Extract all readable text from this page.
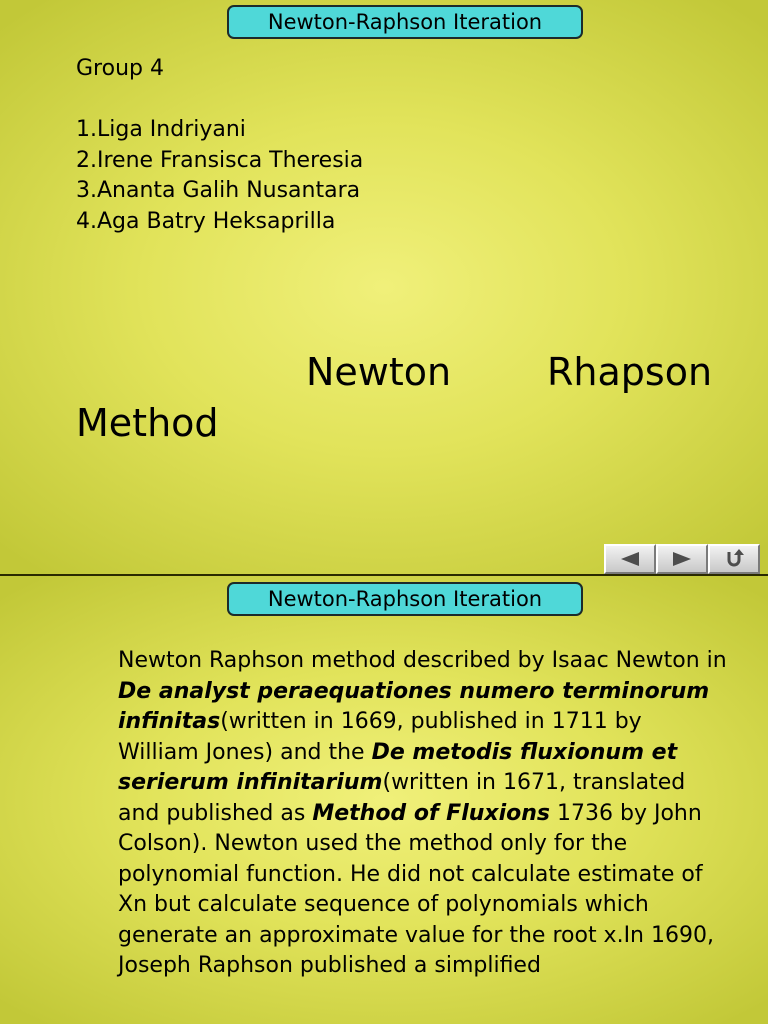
Newton-Raphson Iteration
Group 4
1.Liga Indriyani
2.Irene Fransisca Theresia
3.Ananta Galih Nusantara
4.Aga Batry Heksaprilla
Newton	Rhapson
Method
Newton-Raphson Iteration

Newton Raphson method described by Isaac Newton in De analyst peraequationes numero terminorum infinitas(written in 1669, published in 1711 by William Jones) and the De metodis fluxionum et serierum infinitarium(written in 1671, translated and published as Method of Fluxions 1736 by John Colson). Newton used the method only for the polynomial function. He did not calculate estimate of Xn but calculate sequence of polynomials which generate an approximate value for the root x.In 1690, Joseph Raphson published a simplified
